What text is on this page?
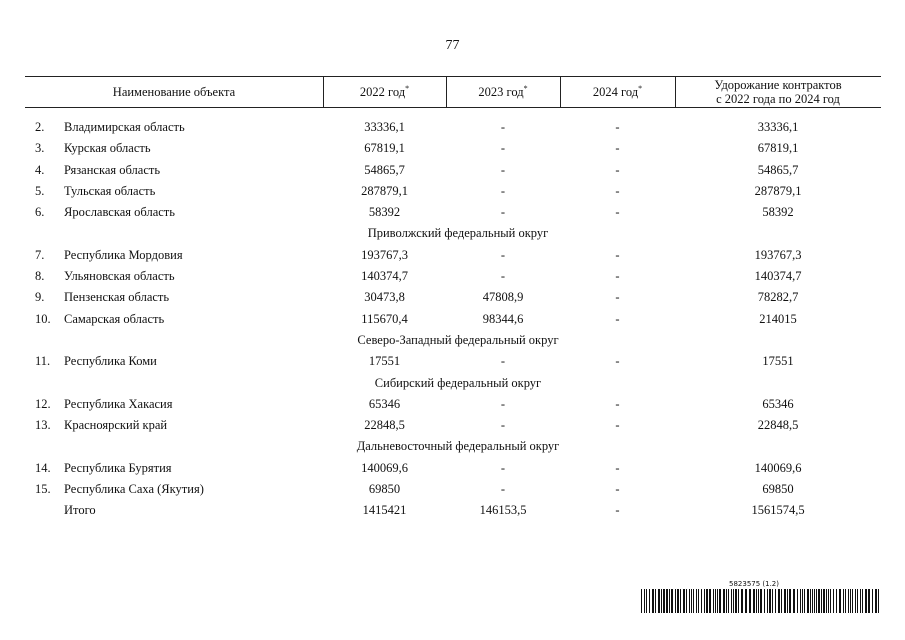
77
Наименование объекта	2022 год*	2023 год*	2024 год*	Удорожание контрактов
с 2022 года по 2024 год
2. Владимирская область	33336,1	-	-	33336,1
3. Курская область	67819,1	-	-	67819,1
4. Рязанская область	54865,7	-	-	54865,7
5. Тульская область	287879,1	-	-	287879,1
6. Ярославская область	58392	-	-	58392
Приволжский федеральный округ
7. Республика Мордовия	193767,3	-	-	193767,3
8. Ульяновская область	140374,7	-	-	140374,7
9. Пензенская область	30473,8	47808,9	-	78282,7
10. Самарская область	115670,4	98344,6	-	214015
Северо-Западный федеральный округ
11. Республика Коми	17551	-	-	17551
Сибирский федеральный округ
12. Республика Хакасия	65346	-	-	65346
13. Красноярский край	22848,5	-	-	22848,5
Дальневосточный федеральный округ
14. Республика Бурятия	140069,6	-	-	140069,6
15. Республика Саха (Якутия)	69850	-	-	69850
Итого	1415421	146153,5	-	1561574,5
5823575 (1.2)
